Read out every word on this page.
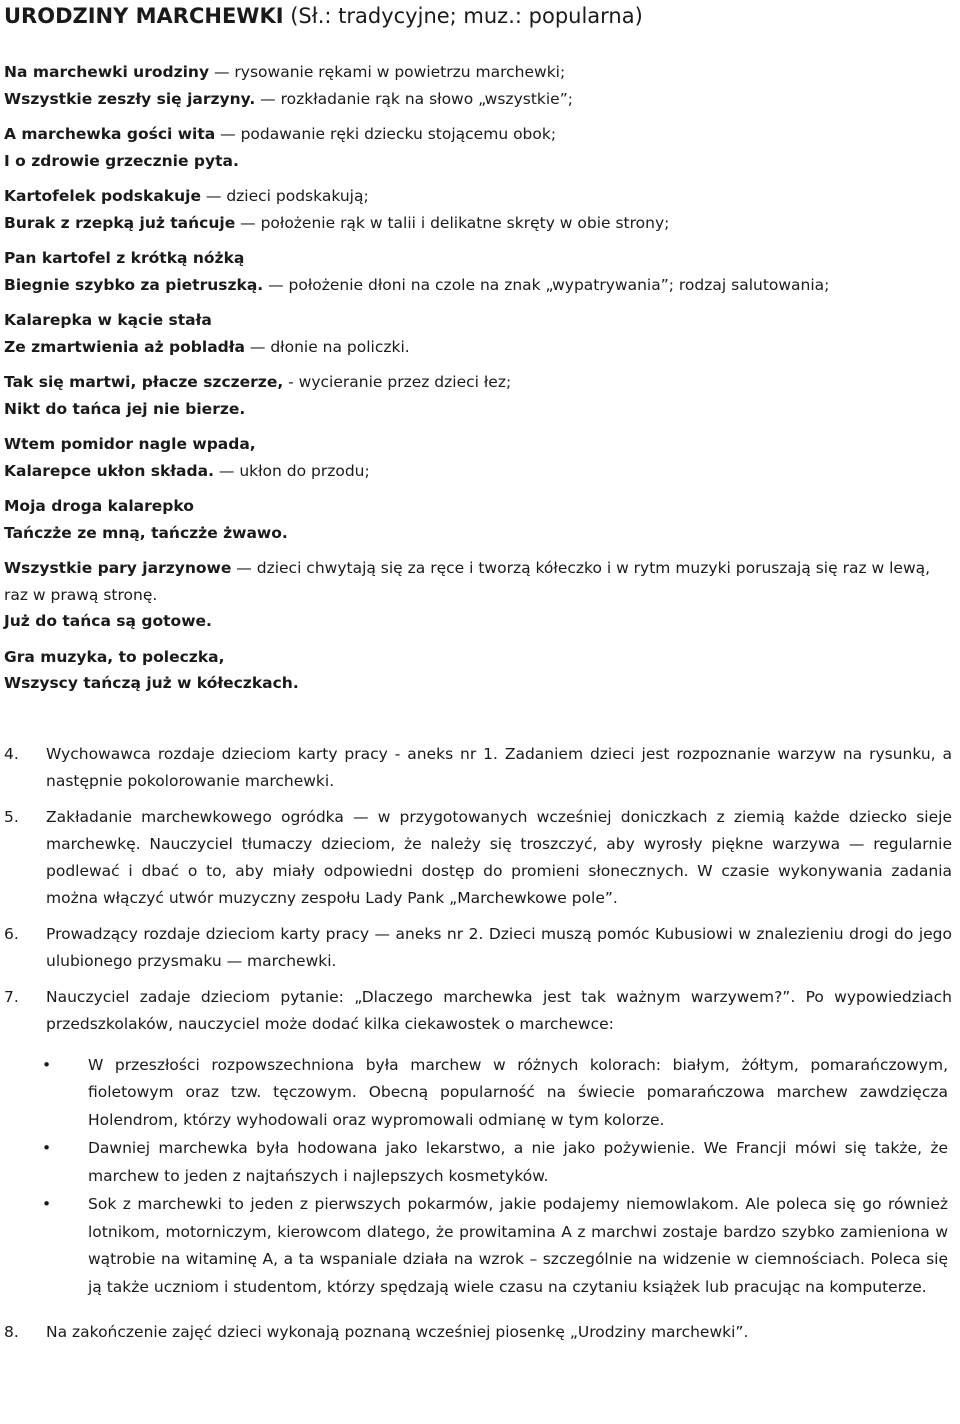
URODZINY MARCHEWKI (Sł.: tradycyjne; muz.: popularna)
Na marchewki urodziny — rysowanie rękami w powietrzu marchewki;
Wszystkie zeszły się jarzyny. — rozkładanie rąk na słowo „wszystkie”;
A marchewka gości wita — podawanie ręki dziecku stojącemu obok;
I o zdrowie grzecznie pyta.
Kartofelek podskakuje — dzieci podskakują;
Burak z rzepką już tańcuje — położenie rąk w talii i delikatne skręty w obie strony;
Pan kartofel z krótką nóżką
Biegnie szybko za pietruszką. — położenie dłoni na czole na znak „wypatrywania”; rodzaj salutowania;
Kalarepka w kącie stała
Ze zmartwienia aż pobladła — dłonie na policzki.
Tak się martwi, płacze szczerze, - wycieranie przez dzieci łez;
Nikt do tańca jej nie bierze.
Wtem pomidor nagle wpada,
Kalarepce ukłon składa. — ukłon do przodu;
Moja droga kalarepko
Tańczże ze mną, tańczże żwawo.
Wszystkie pary jarzynowe — dzieci chwytają się za ręce i tworzą kółeczko i w rytm muzyki poruszają się raz w lewą, raz w prawą stronę.
Już do tańca są gotowe.
Gra muzyka, to poleczka,
Wszyscy tańczą już w kółeczkach.
4. Wychowawca rozdaje dzieciom karty pracy - aneks nr 1. Zadaniem dzieci jest rozpoznanie warzyw na rysunku, a następnie pokolorowanie marchewki.
5. Zakładanie marchewkowego ogródka — w przygotowanych wcześniej doniczkach z ziemią każde dziecko sieje marchewkę. Nauczyciel tłumaczy dzieciom, że należy się troszczyć, aby wyrosły piękne warzywa — regularnie podlewać i dbać o to, aby miały odpowiedni dostęp do promieni słonecznych. W czasie wykonywania zadania można włączyć utwór muzyczny zespołu Lady Pank „Marchewkowe pole”.
6. Prowadzący rozdaje dzieciom karty pracy — aneks nr 2. Dzieci muszą pomóc Kubusiowi w znalezieniu drogi do jego ulubionego przysmaku — marchewki.
7. Nauczyciel zadaje dzieciom pytanie: „Dlaczego marchewka jest tak ważnym warzywem?”. Po wypowiedziach przedszkolaków, nauczyciel może dodać kilka ciekawostek o marchewce:
• W przeszłości rozpowszechniona była marchew w różnych kolorach: białym, żółtym, pomarańczowym, fioletowym oraz tzw. tęczowym. Obecną popularność na świecie pomarańczowa marchew zawdzięcza Holendrom, którzy wyhodowali oraz wypromowali odmianę w tym kolorze.
• Dawniej marchewka była hodowana jako lekarstwo, a nie jako pożywienie. We Francji mówi się także, że marchew to jeden z najtańszych i najlepszych kosmetyków.
• Sok z marchewki to jeden z pierwszych pokarmów, jakie podajemy niemowlakom. Ale poleca się go również lotnikom, motorniczym, kierowcom dlatego, że prowitamina A z marchwi zostaje bardzo szybko zamieniona w wątrobie na witaminę A, a ta wspaniale działa na wzrok – szczególnie na widzenie w ciemnościach. Poleca się ją także uczniom i studentom, którzy spędzają wiele czasu na czytaniu książek lub pracując na komputerze.
8. Na zakończenie zajęć dzieci wykonają poznaną wcześniej piosenkę „Urodziny marchewki”.
